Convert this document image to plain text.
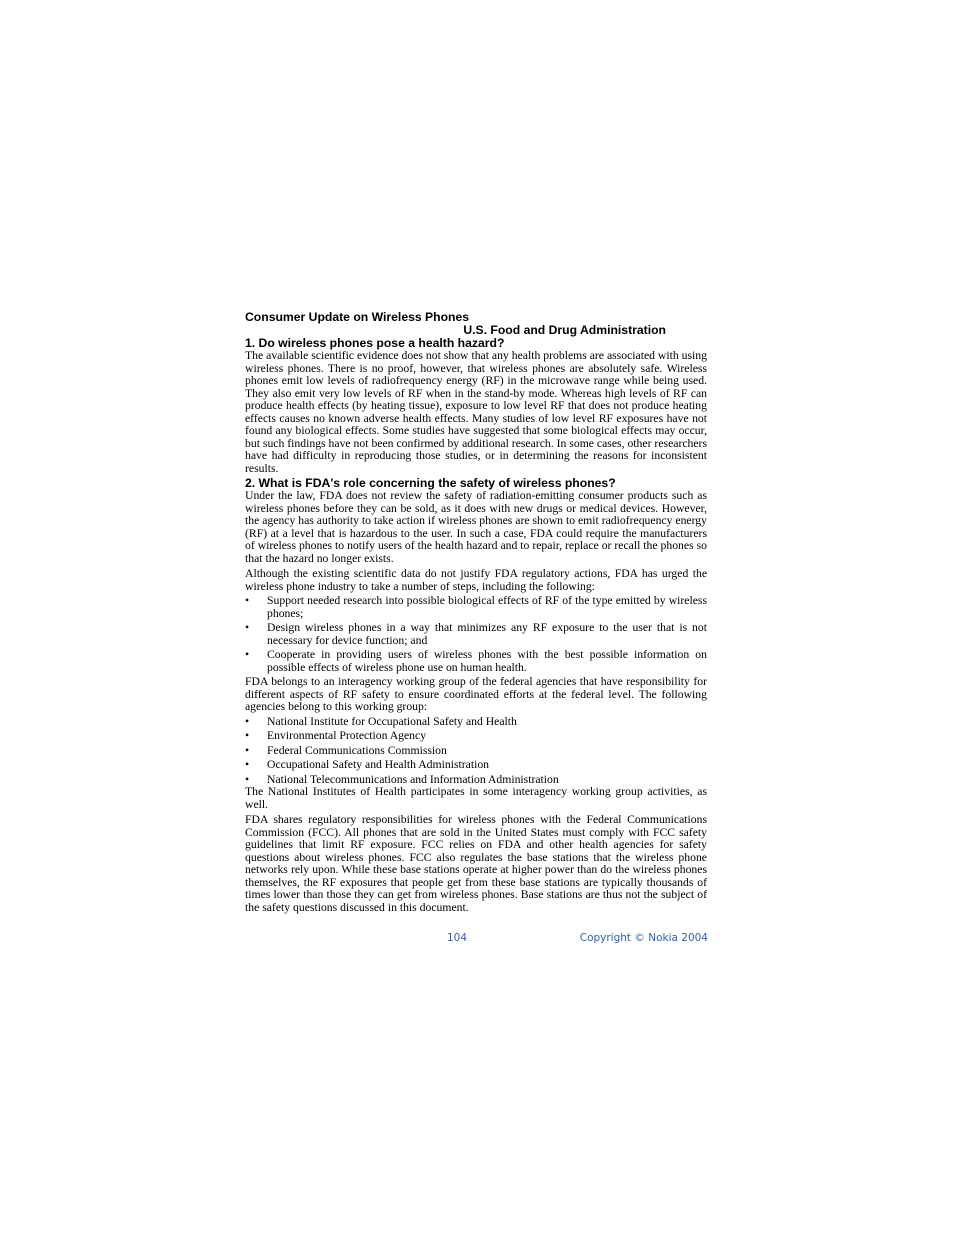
Consumer Update on Wireless Phones
U.S. Food and Drug Administration
1. Do wireless phones pose a health hazard?

The available scientific evidence does not show that any health problems are associated with using wireless phones. There is no proof, however, that wireless phones are absolutely safe. Wireless phones emit low levels of radiofrequency energy (RF) in the microwave range while being used. They also emit very low levels of RF when in the stand-by mode. Whereas high levels of RF can produce health effects (by heating tissue), exposure to low level RF that does not produce heating effects causes no known adverse health effects. Many studies of low level RF exposures have not found any biological effects. Some studies have suggested that some biological effects may occur, but such findings have not been confirmed by additional research. In some cases, other researchers have had difficulty in reproducing those studies, or in determining the reasons for inconsistent results.

2. What is FDA's role concerning the safety of wireless phones?

Under the law, FDA does not review the safety of radiation-emitting consumer products such as wireless phones before they can be sold, as it does with new drugs or medical devices. However, the agency has authority to take action if wireless phones are shown to emit radiofrequency energy (RF) at a level that is hazardous to the user. In such a case, FDA could require the manufacturers of wireless phones to notify users of the health hazard and to repair, replace or recall the phones so that the hazard no longer exists.

Although the existing scientific data do not justify FDA regulatory actions, FDA has urged the wireless phone industry to take a number of steps, including the following:

• Support needed research into possible biological effects of RF of the type emitted by wireless phones;
• Design wireless phones in a way that minimizes any RF exposure to the user that is not necessary for device function; and
• Cooperate in providing users of wireless phones with the best possible information on possible effects of wireless phone use on human health.

FDA belongs to an interagency working group of the federal agencies that have responsibility for different aspects of RF safety to ensure coordinated efforts at the federal level. The following agencies belong to this working group:

• National Institute for Occupational Safety and Health
• Environmental Protection Agency
• Federal Communications Commission
• Occupational Safety and Health Administration
• National Telecommunications and Information Administration

The National Institutes of Health participates in some interagency working group activities, as well.

FDA shares regulatory responsibilities for wireless phones with the Federal Communications Commission (FCC). All phones that are sold in the United States must comply with FCC safety guidelines that limit RF exposure. FCC relies on FDA and other health agencies for safety questions about wireless phones. FCC also regulates the base stations that the wireless phone networks rely upon. While these base stations operate at higher power than do the wireless phones themselves, the RF exposures that people get from these base stations are typically thousands of times lower than those they can get from wireless phones. Base stations are thus not the subject of the safety questions discussed in this document.

104	Copyright © Nokia 2004
